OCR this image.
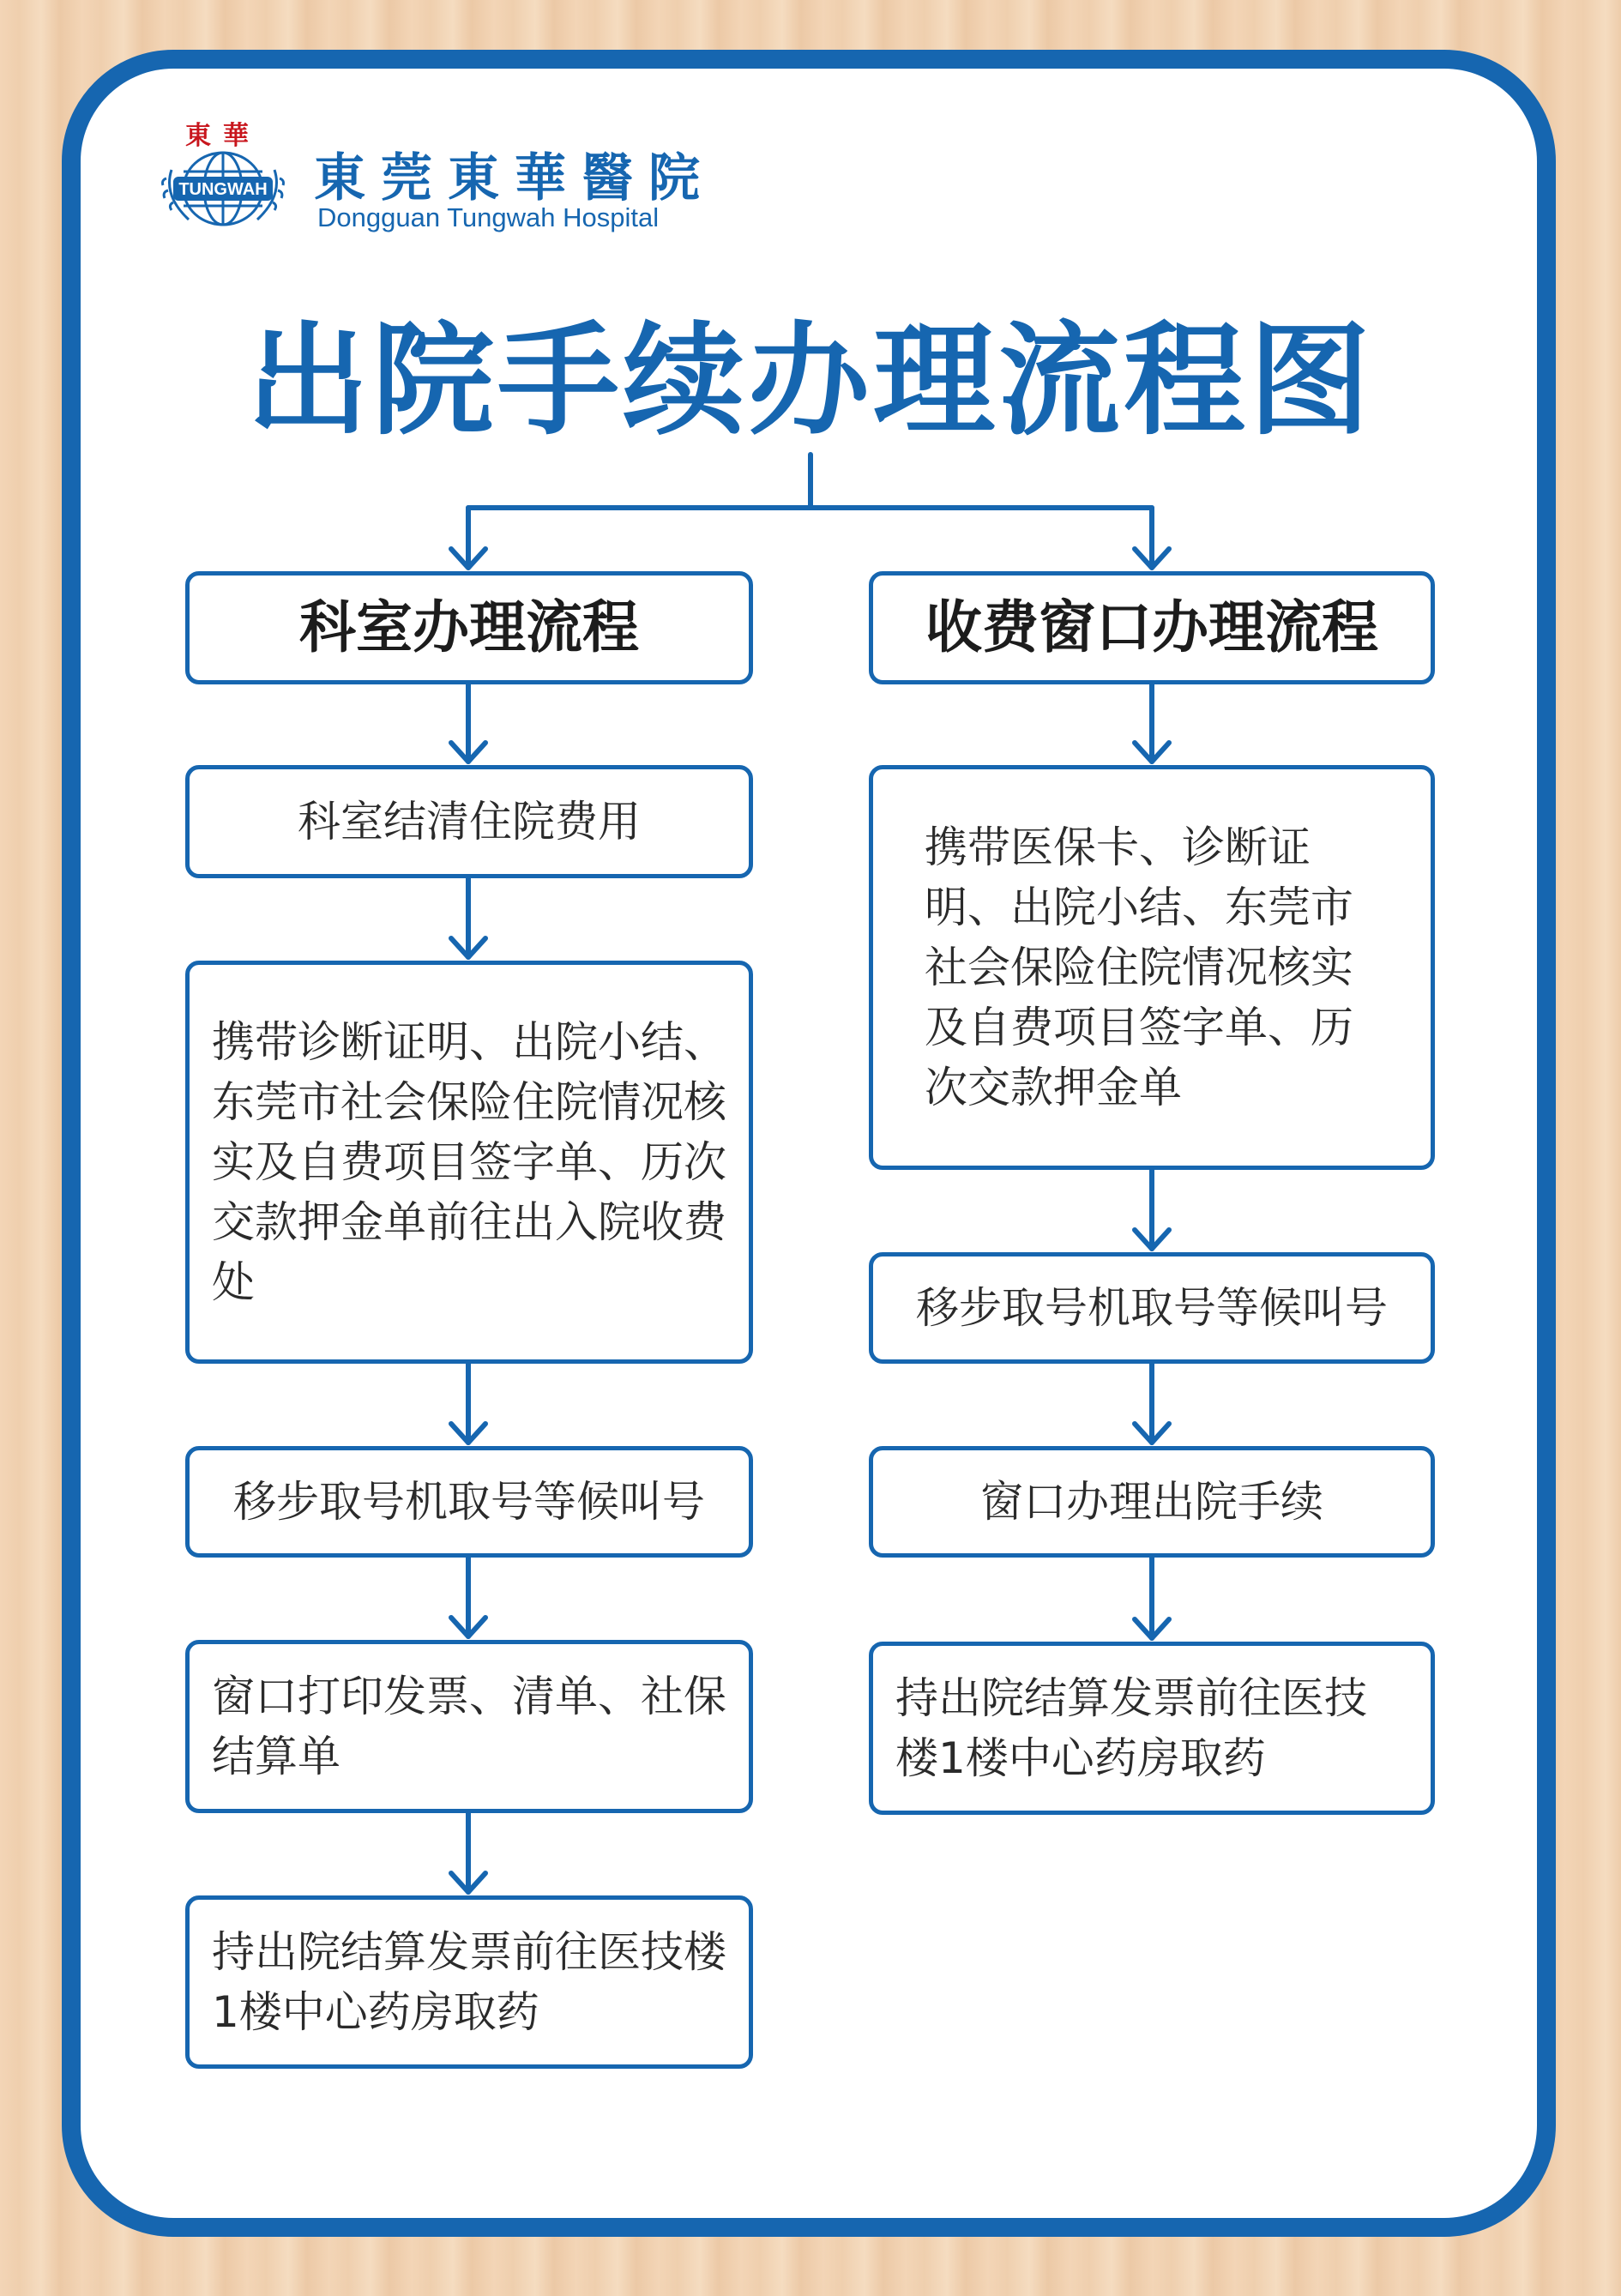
東華
TUNGWAH 東莞東華醫院
Dongguan Tungwah Hospital
出院手续办理流程图
科室办理流程
科室结清住院费用
携带诊断证明、出院小结、东莞市社会保险住院情况核实及自费项目签字单、历次交款押金单前往出入院收费处
移步取号机取号等候叫号
窗口打印发票、清单、社保结算单
持出院结算发票前往医技楼1楼中心药房取药
收费窗口办理流程
携带医保卡、诊断证明、出院小结、东莞市社会保险住院情况核实及自费项目签字单、历次交款押金单
移步取号机取号等候叫号
窗口办理出院手续
持出院结算发票前往医技楼1楼中心药房取药
